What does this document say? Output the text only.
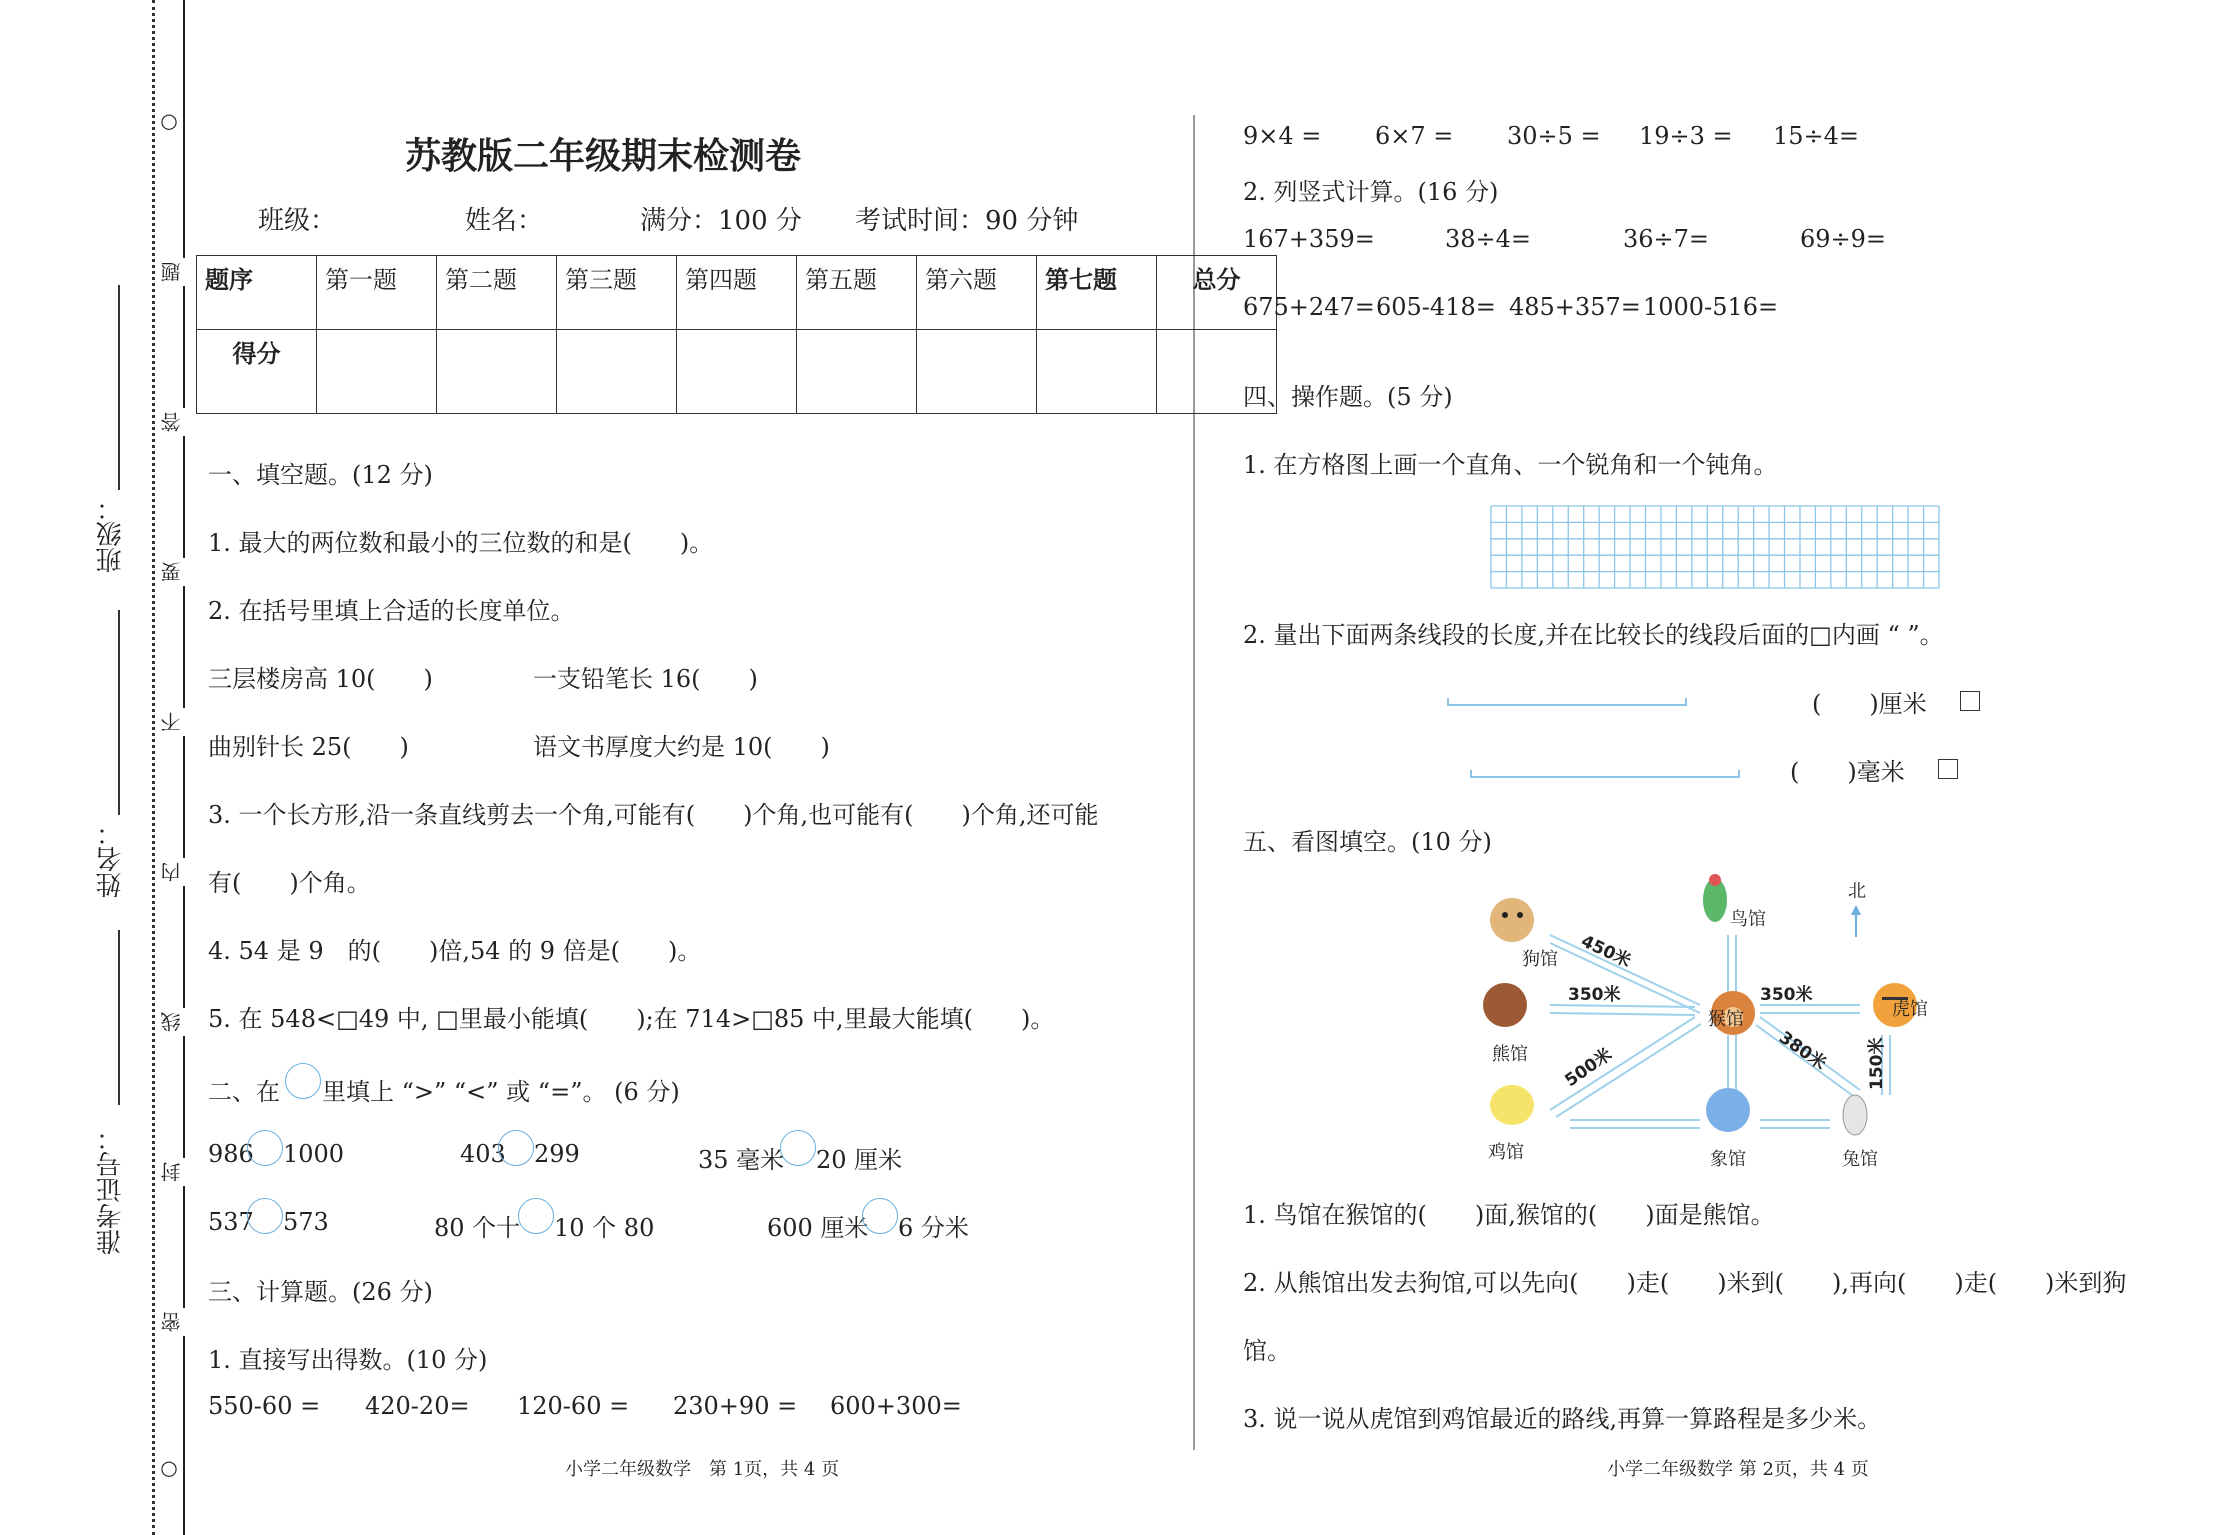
班级：
姓名：
准考证号：
○
题
答
要
不
内
线
封
密
○
苏教版二年级期末检测卷
班级：	姓名：	满分：100 分 考试时间：90 分钟
题序	第一题	第二题	第三题	第四题	第五题	第六题	第七题	总分
得分								
一、填空题。(12 分)
1. 最大的两位数和最小的三位数的和是(　　)。
2. 在括号里填上合适的长度单位。
三层楼房高 10(　　)	一支铅笔长 16(　　)
曲别针长 25(　　)	语文书厚度大约是 10(　　)
3. 一个长方形,沿一条直线剪去一个角,可能有(　　)个角,也可能有(　　)个角,还可能
有(　　)个角。
4. 54 是 9　的(　　)倍,54 的 9 倍是(　　)。
5. 在 548<□49 中, □里最小能填(　　);在 714>□85 中,里最大能填(　　)。
二、在 里填上 “>” “<” 或 “=”。 (6 分)
986 1000	403 299	35 毫米 20 厘米
537 573	80 个十 10 个 80	600 厘米 6 分米
三、计算题。(26 分)
1. 直接写出得数。(10 分)
550-60 = 420-20= 120-60 = 230+90 = 600+300=
小学二年级数学　第 1页，共 4 页
9×4 = 6×7 = 30÷5 = 19÷3 = 15÷4=
2. 列竖式计算。(16 分)
167+359=	38÷4=	36÷7=	69÷9=
675+247= 605-418= 485+357= 1000-516=
四、操作题。(5 分)
1. 在方格图上画一个直角、一个锐角和一个钝角。
2. 量出下面两条线段的长度,并在比较长的线段后面的□内画 “ ”。
(　　)厘米
(　　)毫米
五、看图填空。(10 分)
北
狗馆
鸟馆
熊馆
猴馆	虎馆
鸡馆	象馆	兔馆
450米
350米	350米
380米
500米	150米
1. 鸟馆在猴馆的(　　)面,猴馆的(　　)面是熊馆。
2. 从熊馆出发去狗馆,可以先向(　　)走(　　)米到(　　),再向(　　)走(　　)米到狗
馆。
3. 说一说从虎馆到鸡馆最近的路线,再算一算路程是多少米。
小学二年级数学 第 2页，共 4 页
